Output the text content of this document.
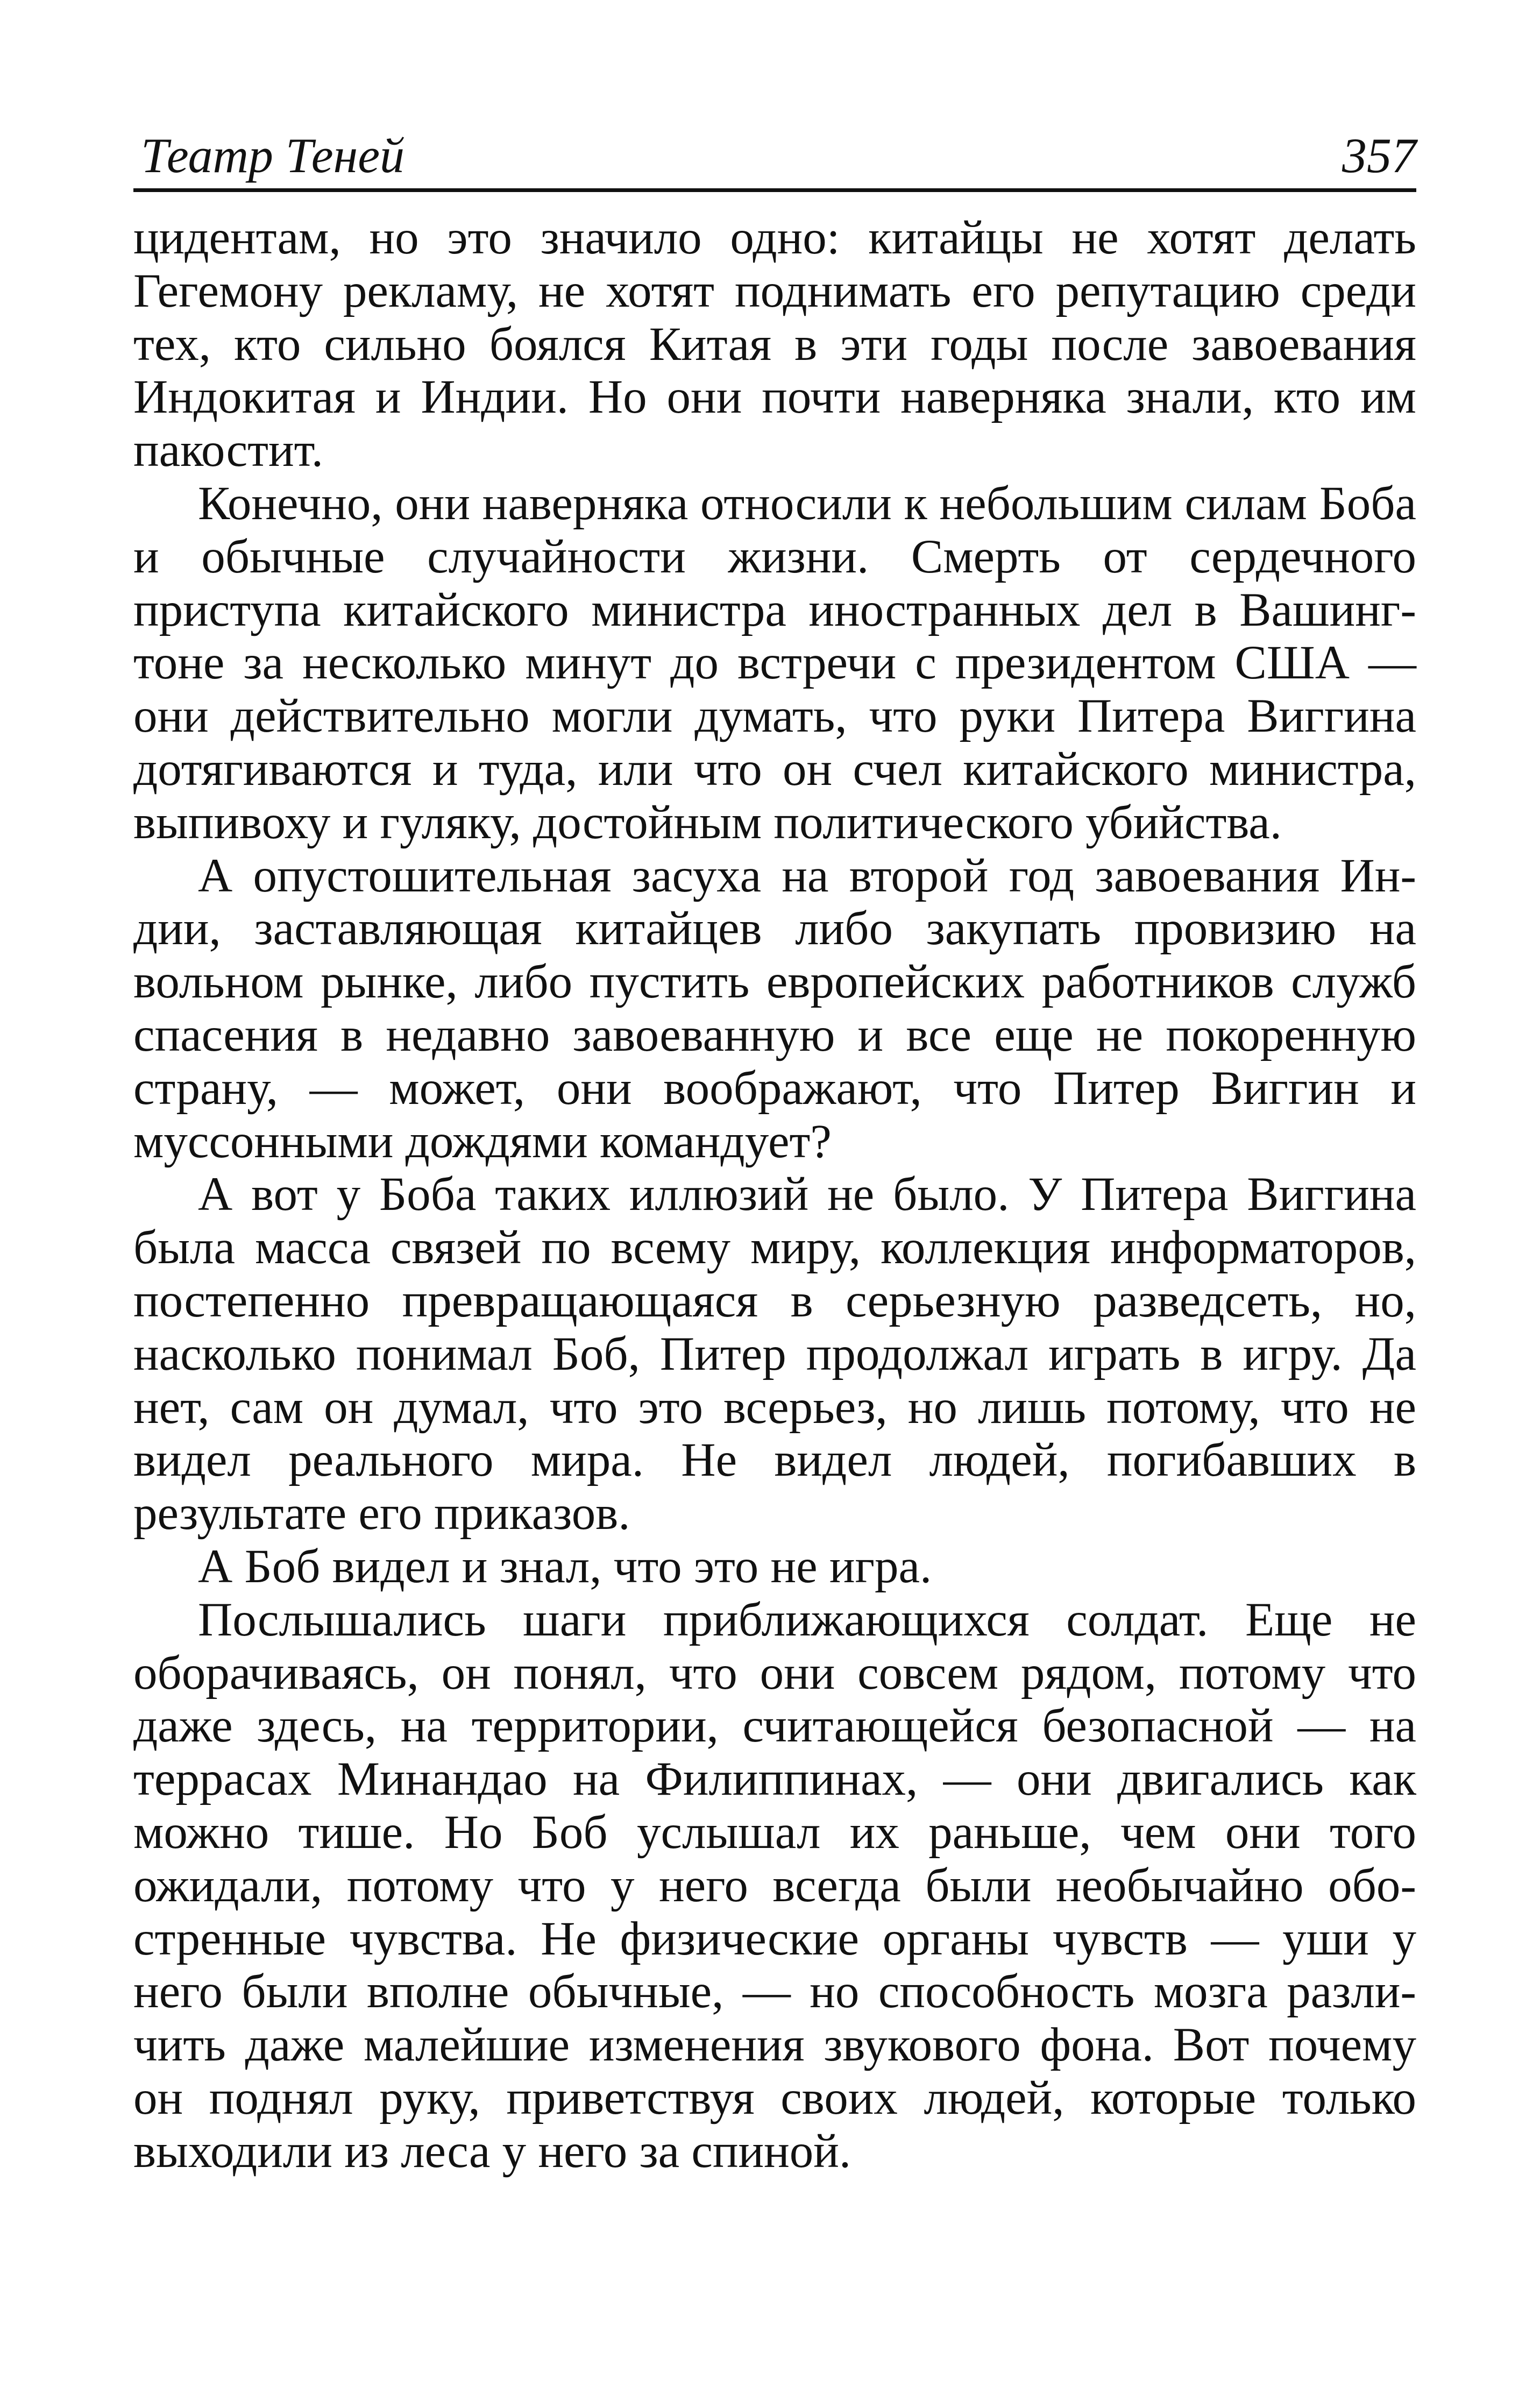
Театр Теней	357

цидентам, но это значило одно: китайцы не хотят делать Гегемону рекламу, не хотят поднимать его репутацию среди тех, кто сильно боялся Китая в эти годы после завоевания Индокитая и Индии. Но они почти наверняка знали, кто им пакостит.

Конечно, они наверняка относили к небольшим силам Боба и обычные случайности жизни. Смерть от сердечного приступа китайского министра иностранных дел в Вашингтоне за несколько минут до встречи с президентом США — они действительно могли думать, что руки Питера Виггина дотягиваются и туда, или что он счел китайского министра, выпивоху и гуляку, достойным политического убийства.

А опустошительная засуха на второй год завоевания Индии, заставляющая китайцев либо закупать провизию на вольном рынке, либо пустить европейских работников служб спасения в недавно завоеванную и все еще не покоренную страну, — может, они воображают, что Питер Виггин и муссонными дождями командует?

А вот у Боба таких иллюзий не было. У Питера Виггина была масса связей по всему миру, коллекция информаторов, постепенно превращающаяся в серьезную разведсеть, но, насколько понимал Боб, Питер продолжал играть в игру. Да нет, сам он думал, что это всерьез, но лишь потому, что не видел реального мира. Не видел людей, погибавших в результате его приказов.

А Боб видел и знал, что это не игра.

Послышались шаги приближающихся солдат. Еще не оборачиваясь, он понял, что они совсем рядом, потому что даже здесь, на территории, считающейся безопасной — на террасах Минандао на Филиппинах, — они двигались как можно тише. Но Боб услышал их раньше, чем они того ожидали, потому что у него всегда были необычайно обостренные чувства. Не физические органы чувств — уши у него были вполне обычные, — но способность мозга различить даже малейшие изменения звукового фона. Вот почему он поднял руку, приветствуя своих людей, которые только выходили из леса у него за спиной.
